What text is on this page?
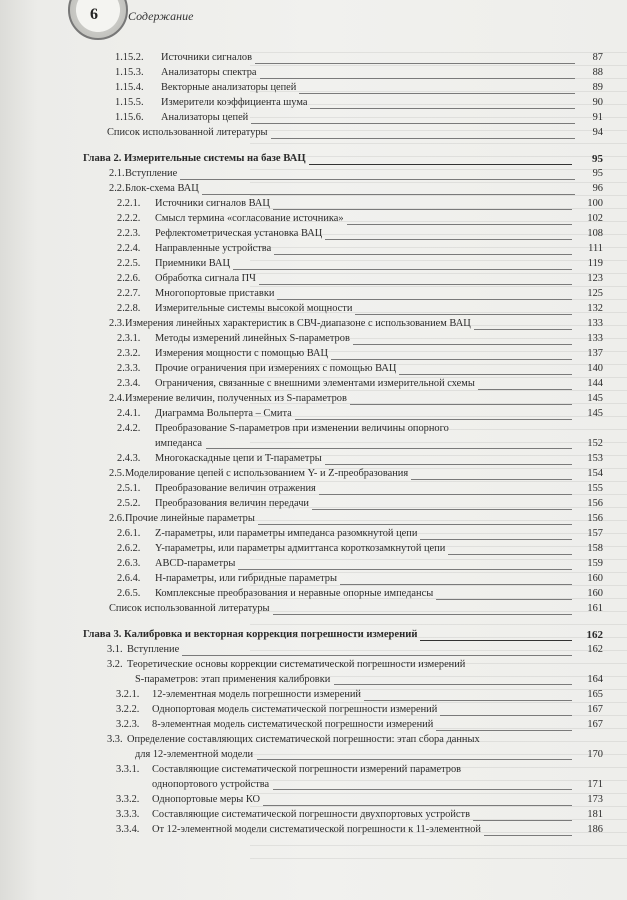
6	Содержание
1.15.2. Источники сигналов	87
1.15.3. Анализаторы спектра	88
1.15.4. Векторные анализаторы цепей	89
1.15.5. Измерители коэффициента шума	90
1.15.6. Анализаторы цепей	91
Список использованной литературы	94
Глава 2. Измерительные системы на базе ВАЦ	95
2.1. Вступление	95
2.2. Блок-схема ВАЦ	96
2.2.1. Источники сигналов ВАЦ	100
2.2.2. Смысл термина «согласование источника»	102
2.2.3. Рефлектометрическая установка ВАЦ	108
2.2.4. Направленные устройства	111
2.2.5. Приемники ВАЦ	119
2.2.6. Обработка сигнала ПЧ	123
2.2.7. Многопортовые приставки	125
2.2.8. Измерительные системы высокой мощности	132
2.3. Измерения линейных характеристик в СВЧ-диапазоне с использованием ВАЦ	133
2.3.1. Методы измерений линейных S-параметров	133
2.3.2. Измерения мощности с помощью ВАЦ	137
2.3.3. Прочие ограничения при измерениях с помощью ВАЦ	140
2.3.4. Ограничения, связанные с внешними элементами измерительной схемы	144
2.4. Измерение величин, полученных из S-параметров	145
2.4.1. Диаграмма Вольперта – Смита	145
2.4.2. Преобразование S-параметров при изменении величины опорного
импеданса	152
2.4.3. Многокаскадные цепи и T-параметры	153
2.5. Моделирование цепей с использованием Y- и Z-преобразования	154
2.5.1. Преобразование величин отражения	155
2.5.2. Преобразования величин передачи	156
2.6. Прочие линейные параметры	156
2.6.1. Z-параметры, или параметры импеданса разомкнутой цепи	157
2.6.2. Y-параметры, или параметры адмиттанса короткозамкнутой цепи	158
2.6.3. ABCD-параметры	159
2.6.4. H-параметры, или гибридные параметры	160
2.6.5. Комплексные преобразования и неравные опорные импедансы	160
Список использованной литературы	161
Глава 3. Калибровка и векторная коррекция погрешности измерений	162
3.1. Вступление	162
3.2. Теоретические основы коррекции систематической погрешности измерений
S-параметров: этап применения калибровки	164
3.2.1. 12-элементная модель погрешности измерений	165
3.2.2. Однопортовая модель систематической погрешности измерений	167
3.2.3. 8-элементная модель систематической погрешности измерений	167
3.3. Определение составляющих систематической погрешности: этап сбора данных
для 12-элементной модели	170
3.3.1. Составляющие систематической погрешности измерений параметров
однопортового устройства	171
3.3.2. Однопортовые меры КО	173
3.3.3. Составляющие систематической погрешности двухпортовых устройств	181
3.3.4. От 12-элементной модели систематической погрешности к 11-элементной	186
